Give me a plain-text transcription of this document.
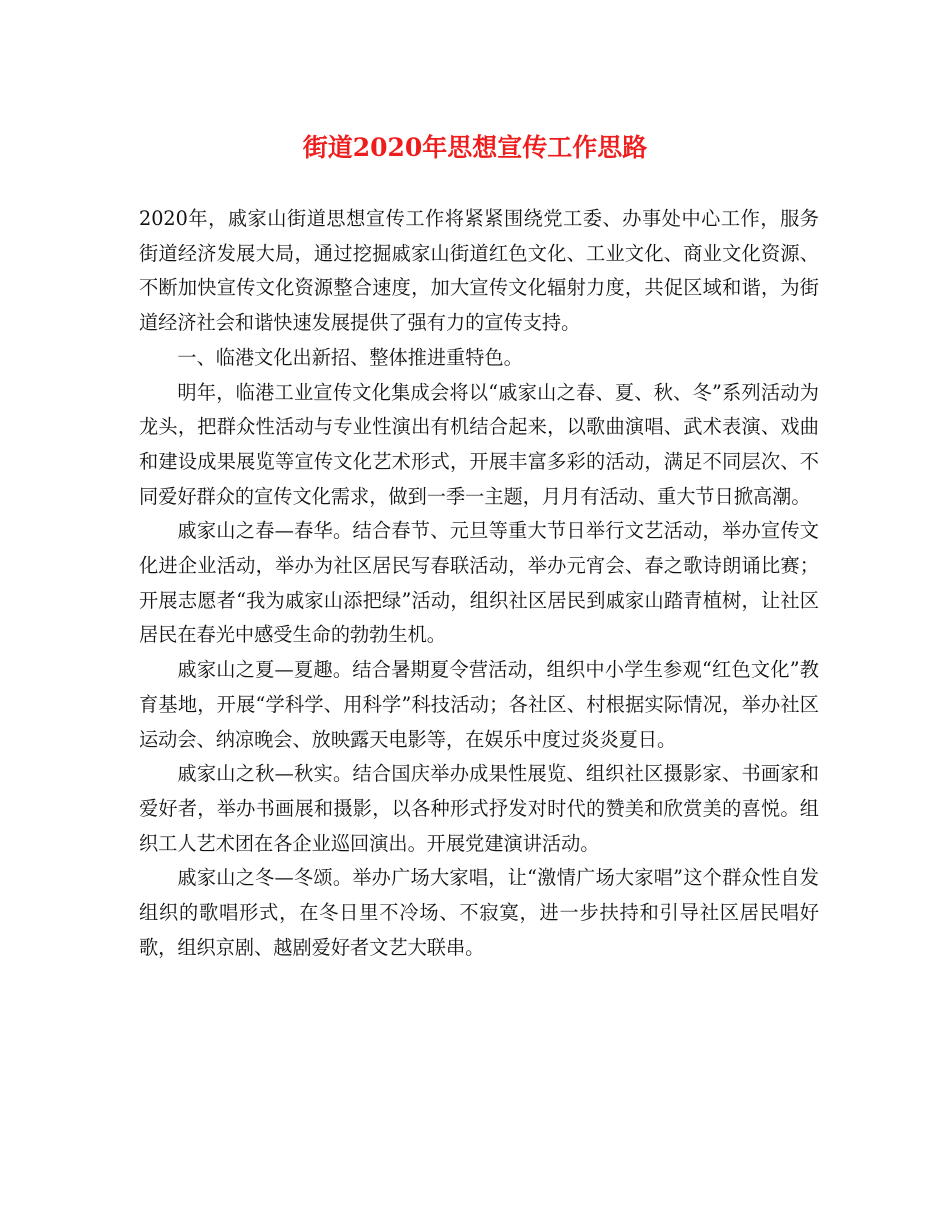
街道2020年思想宣传工作思路

2020年，戚家山街道思想宣传工作将紧紧围绕党工委、办事处中心工作，服务街道经济发展大局，通过挖掘戚家山街道红色文化、工业文化、商业文化资源、不断加快宣传文化资源整合速度，加大宣传文化辐射力度，共促区域和谐，为街道经济社会和谐快速发展提供了强有力的宣传支持。

一、临港文化出新招、整体推进重特色。

明年，临港工业宣传文化集成会将以“戚家山之春、夏、秋、冬”系列活动为龙头，把群众性活动与专业性演出有机结合起来，以歌曲演唱、武术表演、戏曲和建设成果展览等宣传文化艺术形式，开展丰富多彩的活动，满足不同层次、不同爱好群众的宣传文化需求，做到一季一主题，月月有活动、重大节日掀高潮。

戚家山之春—春华。结合春节、元旦等重大节日举行文艺活动，举办宣传文化进企业活动，举办为社区居民写春联活动，举办元宵会、春之歌诗朗诵比赛；开展志愿者“我为戚家山添把绿”活动，组织社区居民到戚家山踏青植树，让社区居民在春光中感受生命的勃勃生机。

戚家山之夏—夏趣。结合暑期夏令营活动，组织中小学生参观“红色文化”教育基地，开展“学科学、用科学”科技活动；各社区、村根据实际情况，举办社区运动会、纳凉晚会、放映露天电影等，在娱乐中度过炎炎夏日。

戚家山之秋—秋实。结合国庆举办成果性展览、组织社区摄影家、书画家和爱好者，举办书画展和摄影，以各种形式抒发对时代的赞美和欣赏美的喜悦。组织工人艺术团在各企业巡回演出。开展党建演讲活动。

戚家山之冬—冬颂。举办广场大家唱，让“激情广场大家唱”这个群众性自发组织的歌唱形式，在冬日里不冷场、不寂寞，进一步扶持和引导社区居民唱好歌，组织京剧、越剧爱好者文艺大联串。
